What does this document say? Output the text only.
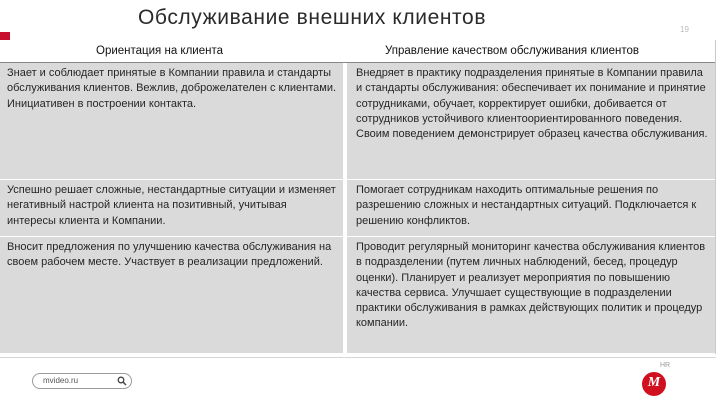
Обслуживание внешних клиентов
19
Ориентация на клиента	Управление качеством обслуживания клиентов
Знает и соблюдает принятые в Компании правила и стандарты обслуживания клиентов. Вежлив, доброжелателен с клиентами. Инициативен в построении контакта.
Внедряет в практику подразделения принятые в Компании правила и стандарты обслуживания: обеспечивает их понимание и принятие сотрудниками, обучает, корректирует ошибки, добивается от сотрудников устойчивого клиентоориентированного поведения. Своим поведением демонстрирует образец качества обслуживания.
Успешно решает сложные, нестандартные ситуации и изменяет негативный настрой клиента на позитивный, учитывая интересы клиента и Компании.
Помогает сотрудникам находить оптимальные решения по разрешению сложных и нестандартных ситуаций. Подключается к решению конфликтов.
Вносит предложения по улучшению качества обслуживания на своем рабочем месте. Участвует в реализации предложений.
Проводит регулярный мониторинг качества обслуживания клиентов в подразделении (путем личных наблюдений, бесед, процедур оценки). Планирует и реализует мероприятия по повышению качества сервиса. Улучшает существующие в подразделении практики обслуживания в рамках действующих политик и процедур компании.
mvideo.ru	М
HR
